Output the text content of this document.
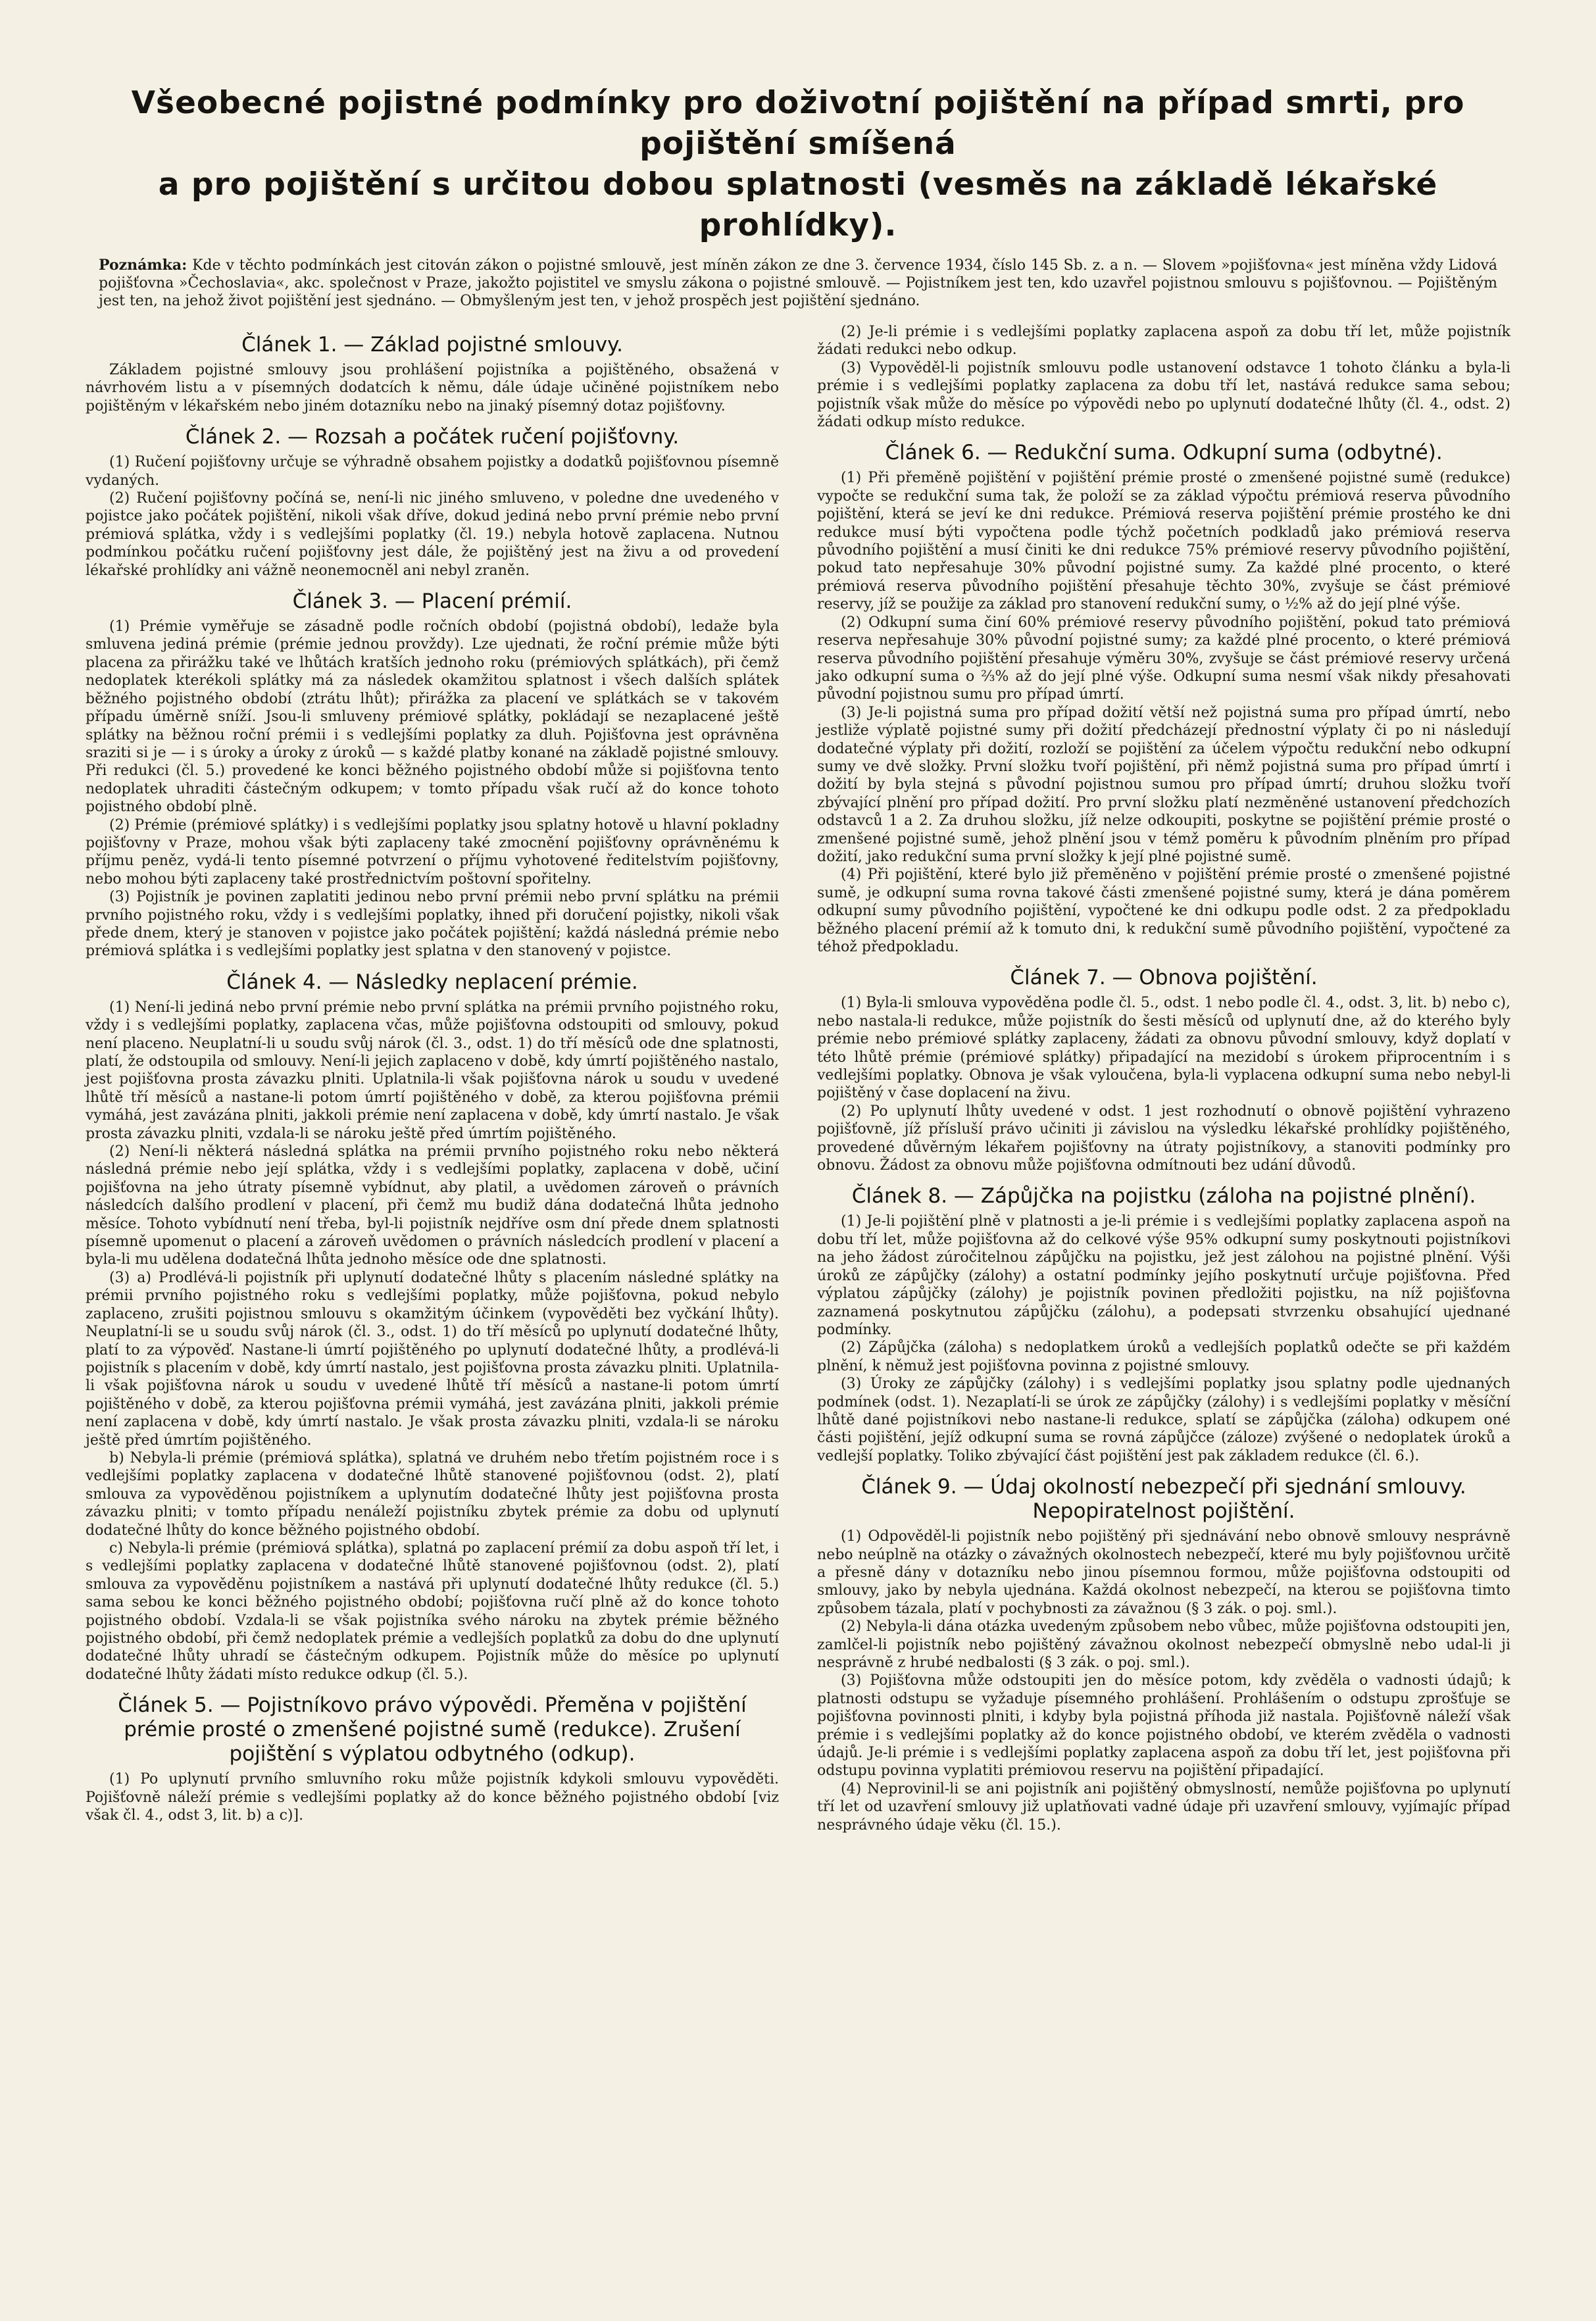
Všeobecné pojistné podmínky pro doživotní pojištění na případ smrti, pro pojištění smíšená
a pro pojištění s určitou dobou splatnosti (vesměs na základě lékařské prohlídky).
Poznámka: Kde v těchto podmínkách jest citován zákon o pojistné smlouvě, jest míněn zákon ze dne 3. července 1934, číslo 145 Sb. z. a n. — Slovem »pojišťovna« jest míněna vždy Lidová pojišťovna »Čechoslavia«, akc. společnost v Praze, jakožto pojistitel ve smyslu zákona o pojistné smlouvě. — Pojistníkem jest ten, kdo uzavřel pojistnou smlouvu s pojišťovnou. — Pojištěným jest ten, na jehož život pojištění jest sjednáno. — Obmyšleným jest ten, v jehož prospěch jest pojištění sjednáno.
Článek 1. — Základ pojistné smlouvy.

Základem pojistné smlouvy jsou prohlášení pojistníka a pojištěného, obsažená v návrhovém listu a v písemných dodatcích k němu, dále údaje učiněné pojistníkem nebo pojištěným v lékařském nebo jiném dotazníku nebo na jinaký písemný dotaz pojišťovny.

Článek 2. — Rozsah a počátek ručení pojišťovny.

(1) Ručení pojišťovny určuje se výhradně obsahem pojistky a dodatků pojišťovnou písemně vydaných.

(2) Ručení pojišťovny počíná se, není-li nic jiného smluveno, v poledne dne uvedeného v pojistce jako počátek pojištění, nikoli však dříve, dokud jediná nebo první prémie nebo první prémiová splátka, vždy i s vedlejšími poplatky (čl. 19.) nebyla hotově zaplacena. Nutnou podmínkou počátku ručení pojišťovny jest dále, že pojištěný jest na živu a od provedení lékařské prohlídky ani vážně neonemocněl ani nebyl zraněn.

Článek 3. — Placení prémií.

(1) Prémie vyměřuje se zásadně podle ročních období (pojistná období), ledaže byla smluvena jediná prémie (prémie jednou provždy). Lze ujednati, že roční prémie může býti placena za přirážku také ve lhůtách kratších jednoho roku (prémiových splátkách), při čemž nedoplatek kterékoli splátky má za následek okamžitou splatnost i všech dalších splátek běžného pojistného období (ztrátu lhůt); přirážka za placení ve splátkách se v takovém případu úměrně sníží. Jsou-li smluveny prémiové splátky, pokládají se nezaplacené ještě splátky na běžnou roční prémii i s vedlejšími poplatky za dluh. Pojišťovna jest oprávněna sraziti si je — i s úroky a úroky z úroků — s každé platby konané na základě pojistné smlouvy. Při redukci (čl. 5.) provedené ke konci běžného pojistného období může si pojišťovna tento nedoplatek uhraditi částečným odkupem; v tomto případu však ručí až do konce tohoto pojistného období plně.

(2) Prémie (prémiové splátky) i s vedlejšími poplatky jsou splatny hotově u hlavní pokladny pojišťovny v Praze, mohou však býti zaplaceny také zmocnění pojišťovny oprávněnému k příjmu peněz, vydá-li tento písemné potvrzení o příjmu vyhotovené ředitelstvím pojišťovny, nebo mohou býti zaplaceny také prostřednictvím poštovní spořitelny.

(3) Pojistník je povinen zaplatiti jedinou nebo první prémii nebo první splátku na prémii prvního pojistného roku, vždy i s vedlejšími poplatky, ihned při doručení pojistky, nikoli však přede dnem, který je stanoven v pojistce jako počátek pojištění; každá následná prémie nebo prémiová splátka i s vedlejšími poplatky jest splatna v den stanovený v pojistce.

Článek 4. — Následky neplacení prémie.

(1) Není-li jediná nebo první prémie nebo první splátka na prémii prvního pojistného roku, vždy i s vedlejšími poplatky, zaplacena včas, může pojišťovna odstoupiti od smlouvy, pokud není placeno. Neuplatní-li u soudu svůj nárok (čl. 3., odst. 1) do tří měsíců ode dne splatnosti, platí, že odstoupila od smlouvy. Není-li jejich zaplaceno v době, kdy úmrtí pojištěného nastalo, jest pojišťovna prosta závazku plniti. Uplatnila-li však pojišťovna nárok u soudu v uvedené lhůtě tří měsíců a nastane-li potom úmrtí pojištěného v době, za kterou pojišťovna prémii vymáhá, jest zavázána plniti, jakkoli prémie není zaplacena v době, kdy úmrtí nastalo. Je však prosta závazku plniti, vzdala-li se nároku ještě před úmrtím pojištěného.

(2) Není-li některá následná splátka na prémii prvního pojistného roku nebo některá následná prémie nebo její splátka, vždy i s vedlejšími poplatky, zaplacena v době, učiní pojišťovna na jeho útraty písemně vybídnut, aby platil, a uvědomen zároveň o právních následcích dalšího prodlení v placení, při čemž mu budiž dána dodatečná lhůta jednoho měsíce. Tohoto vybídnutí není třeba, byl-li pojistník nejdříve osm dní přede dnem splatnosti písemně upomenut o placení a zároveň uvědomen o právních následcích prodlení v placení a byla-li mu udělena dodatečná lhůta jednoho měsíce ode dne splatnosti.

(3) a) Prodlévá-li pojistník při uplynutí dodatečné lhůty s placením následné splátky na prémii prvního pojistného roku s vedlejšími poplatky, může pojišťovna, pokud nebylo zaplaceno, zrušiti pojistnou smlouvu s okamžitým účinkem (vypověděti bez vyčkání lhůty). Neuplatní-li se u soudu svůj nárok (čl. 3., odst. 1) do tří měsíců po uplynutí dodatečné lhůty, platí to za výpověď. Nastane-li úmrtí pojištěného po uplynutí dodatečné lhůty, a prodlévá-li pojistník s placením v době, kdy úmrtí nastalo, jest pojišťovna prosta závazku plniti. Uplatnila-li však pojišťovna nárok u soudu v uvedené lhůtě tří měsíců a nastane-li potom úmrtí pojištěného v době, za kterou pojišťovna prémii vymáhá, jest zavázána plniti, jakkoli prémie není zaplacena v době, kdy úmrtí nastalo. Je však prosta závazku plniti, vzdala-li se nároku ještě před úmrtím pojištěného.

b) Nebyla-li prémie (prémiová splátka), splatná ve druhém nebo třetím pojistném roce i s vedlejšími poplatky zaplacena v dodatečné lhůtě stanovené pojišťovnou (odst. 2), platí smlouva za vypověděnou pojistníkem a uplynutím dodatečné lhůty jest pojišťovna prosta závazku plniti; v tomto případu nenáleží pojistníku zbytek prémie za dobu od uplynutí dodatečné lhůty do konce běžného pojistného období.

c) Nebyla-li prémie (prémiová splátka), splatná po zaplacení prémií za dobu aspoň tří let, i s vedlejšími poplatky zaplacena v dodatečné lhůtě stanovené pojišťovnou (odst. 2), platí smlouva za vypověděnu pojistníkem a nastává při uplynutí dodatečné lhůty redukce (čl. 5.) sama sebou ke konci běžného pojistného období; pojišťovna ručí plně až do konce tohoto pojistného období. Vzdala-li se však pojistníka svého nároku na zbytek prémie běžného pojistného období, při čemž nedoplatek prémie a vedlejších poplatků za dobu do dne uplynutí dodatečné lhůty uhradí se částečným odkupem. Pojistník může do měsíce po uplynutí dodatečné lhůty žádati místo redukce odkup (čl. 5.).

Článek 5. — Pojistníkovo právo výpovědi. Přeměna v pojištění prémie prosté o zmenšené pojistné sumě (redukce). Zrušení pojištění s výplatou odbytného (odkup).

(1) Po uplynutí prvního smluvního roku může pojistník kdykoli smlouvu vypověděti. Pojišťovně náleží prémie s vedlejšími poplatky až do konce běžného pojistného období [viz však čl. 4., odst 3, lit. b) a c)].

(2) Je-li prémie i s vedlejšími poplatky zaplacena aspoň za dobu tří let, může pojistník žádati redukci nebo odkup.

(3) Vypověděl-li pojistník smlouvu podle ustanovení odstavce 1 tohoto článku a byla-li prémie i s vedlejšími poplatky zaplacena za dobu tří let, nastává redukce sama sebou; pojistník však může do měsíce po výpovědi nebo po uplynutí dodatečné lhůty (čl. 4., odst. 2) žádati odkup místo redukce.

Článek 6. — Redukční suma. Odkupní suma (odbytné).

(1) Při přeměně pojištění v pojištění prémie prosté o zmenšené pojistné sumě (redukce) vypočte se redukční suma tak, že položí se za základ výpočtu prémiová reserva původního pojištění, která se jeví ke dni redukce. Prémiová reserva pojištění prémie prostého ke dni redukce musí býti vypočtena podle týchž početních podkladů jako prémiová reserva původního pojištění a musí činiti ke dni redukce 75% prémiové reservy původního pojištění, pokud tato nepřesahuje 30% původní pojistné sumy. Za každé plné procento, o které prémiová reserva původního pojištění přesahuje těchto 30%, zvyšuje se část prémiové reservy, jíž se použije za základ pro stanovení redukční sumy, o ½% až do její plné výše.

(2) Odkupní suma činí 60% prémiové reservy původního pojištění, pokud tato prémiová reserva nepřesahuje 30% původní pojistné sumy; za každé plné procento, o které prémiová reserva původního pojištění přesahuje výměru 30%, zvyšuje se část prémiové reservy určená jako odkupní suma o ⅔% až do její plné výše. Odkupní suma nesmí však nikdy přesahovati původní pojistnou sumu pro případ úmrtí.

(3) Je-li pojistná suma pro případ dožití větší než pojistná suma pro případ úmrtí, nebo jestliže výplatě pojistné sumy při dožití předcházejí přednostní výplaty či po ni následují dodatečné výplaty při dožití, rozloží se pojištění za účelem výpočtu redukční nebo odkupní sumy ve dvě složky. První složku tvoří pojištění, při němž pojistná suma pro případ úmrtí i dožití by byla stejná s původní pojistnou sumou pro případ úmrtí; druhou složku tvoří zbývající plnění pro případ dožití. Pro první složku platí nezměněné ustanovení předchozích odstavců 1 a 2. Za druhou složku, jíž nelze odkoupiti, poskytne se pojištění prémie prosté o zmenšené pojistné sumě, jehož plnění jsou v témž poměru k původním plněním pro případ dožití, jako redukční suma první složky k její plné pojistné sumě.

(4) Při pojištění, které bylo již přeměněno v pojištění prémie prosté o zmenšené pojistné sumě, je odkupní suma rovna takové části zmenšené pojistné sumy, která je dána poměrem odkupní sumy původního pojištění, vypočtené ke dni odkupu podle odst. 2 za předpokladu běžného placení prémií až k tomuto dni, k redukční sumě původního pojištění, vypočtené za téhož předpokladu.

Článek 7. — Obnova pojištění.

(1) Byla-li smlouva vypověděna podle čl. 5., odst. 1 nebo podle čl. 4., odst. 3, lit. b) nebo c), nebo nastala-li redukce, může pojistník do šesti měsíců od uplynutí dne, až do kterého byly prémie nebo prémiové splátky zaplaceny, žádati za obnovu původní smlouvy, když doplatí v této lhůtě prémie (prémiové splátky) připadající na mezidobí s úrokem připrocentním i s vedlejšími poplatky. Obnova je však vyloučena, byla-li vyplacena odkupní suma nebo nebyl-li pojištěný v čase doplacení na živu.

(2) Po uplynutí lhůty uvedené v odst. 1 jest rozhodnutí o obnově pojištění vyhrazeno pojišťovně, jíž přísluší právo učiniti ji závislou na výsledku lékařské prohlídky pojištěného, provedené důvěrným lékařem pojišťovny na útraty pojistníkovy, a stanoviti podmínky pro obnovu. Žádost za obnovu může pojišťovna odmítnouti bez udání důvodů.

Článek 8. — Zápůjčka na pojistku (záloha na pojistné plnění).

(1) Je-li pojištění plně v platnosti a je-li prémie i s vedlejšími poplatky zaplacena aspoň na dobu tří let, může pojišťovna až do celkové výše 95% odkupní sumy poskytnouti pojistníkovi na jeho žádost zúročitelnou zápůjčku na pojistku, jež jest zálohou na pojistné plnění. Výši úroků ze zápůjčky (zálohy) a ostatní podmínky jejího poskytnutí určuje pojišťovna. Před výplatou zápůjčky (zálohy) je pojistník povinen předložiti pojistku, na níž pojišťovna zaznamená poskytnutou zápůjčku (zálohu), a podepsati stvrzenku obsahující ujednané podmínky.

(2) Zápůjčka (záloha) s nedoplatkem úroků a vedlejších poplatků odečte se při každém plnění, k němuž jest pojišťovna povinna z pojistné smlouvy.

(3) Úroky ze zápůjčky (zálohy) i s vedlejšími poplatky jsou splatny podle ujednaných podmínek (odst. 1). Nezaplatí-li se úrok ze zápůjčky (zálohy) i s vedlejšími poplatky v měsíční lhůtě dané pojistníkovi nebo nastane-li redukce, splatí se zápůjčka (záloha) odkupem oné části pojištění, jejíž odkupní suma se rovná zápůjčce (záloze) zvýšené o nedoplatek úroků a vedlejší poplatky. Toliko zbývající část pojištění jest pak základem redukce (čl. 6.).

Článek 9. — Údaj okolností nebezpečí při sjednání smlouvy. Nepopiratelnost pojištění.

(1) Odpověděl-li pojistník nebo pojištěný při sjednávání nebo obnově smlouvy nesprávně nebo neúplně na otázky o závažných okolnostech nebezpečí, které mu byly pojišťovnou určitě a přesně dány v dotazníku nebo jinou písemnou formou, může pojišťovna odstoupiti od smlouvy, jako by nebyla ujednána. Každá okolnost nebezpečí, na kterou se pojišťovna timto způsobem tázala, platí v pochybnosti za závažnou (§ 3 zák. o poj. sml.).

(2) Nebyla-li dána otázka uvedeným způsobem nebo vůbec, může pojišťovna odstoupiti jen, zamlčel-li pojistník nebo pojištěný závažnou okolnost nebezpečí obmyslně nebo udal-li ji nesprávně z hrubé nedbalosti (§ 3 zák. o poj. sml.).

(3) Pojišťovna může odstoupiti jen do měsíce potom, kdy zvěděla o vadnosti údajů; k platnosti odstupu se vyžaduje písemného prohlášení. Prohlášením o odstupu zprošťuje se pojišťovna povinnosti plniti, i kdyby byla pojistná příhoda již nastala. Pojišťovně náleží však prémie i s vedlejšími poplatky až do konce pojistného období, ve kterém zvěděla o vadnosti údajů. Je-li prémie i s vedlejšími poplatky zaplacena aspoň za dobu tří let, jest pojišťovna při odstupu povinna vyplatiti prémiovou reservu na pojištění připadající.

(4) Neprovinil-li se ani pojistník ani pojištěný obmyslností, nemůže pojišťovna po uplynutí tří let od uzavření smlouvy již uplatňovati vadné údaje při uzavření smlouvy, vyjímajíc případ nesprávného údaje věku (čl. 15.).
